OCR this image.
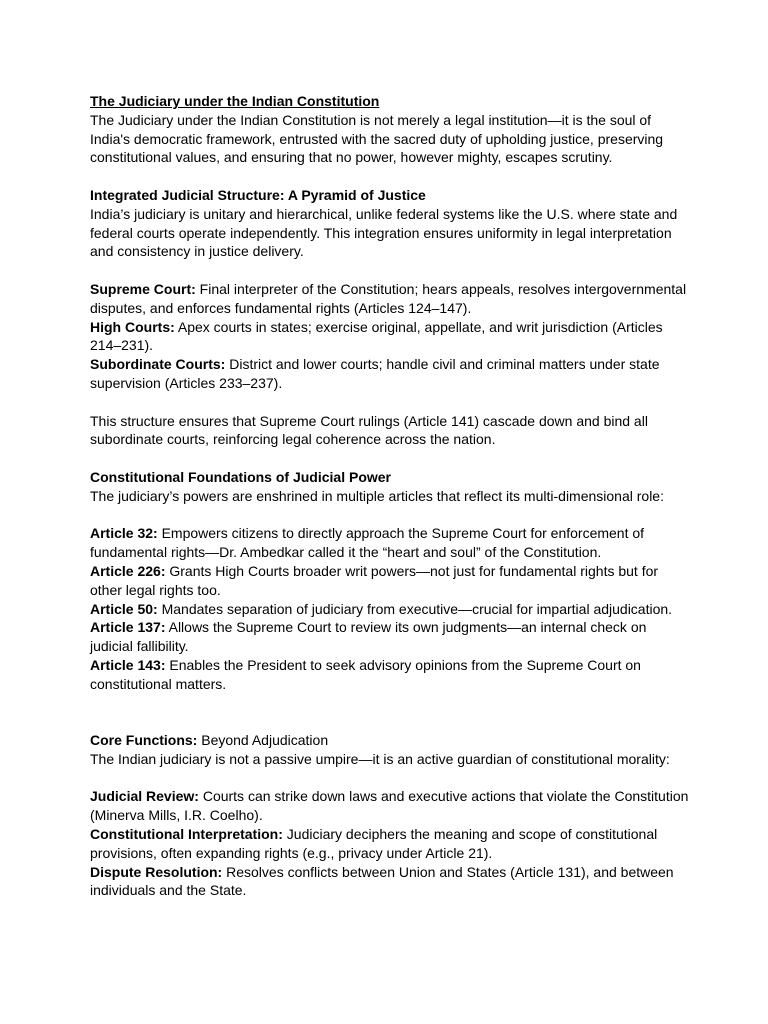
The Judiciary under the Indian Constitution

The Judiciary under the Indian Constitution is not merely a legal institution—it is the soul of India's democratic framework, entrusted with the sacred duty of upholding justice, preserving constitutional values, and ensuring that no power, however mighty, escapes scrutiny.

Integrated Judicial Structure: A Pyramid of Justice

India’s judiciary is unitary and hierarchical, unlike federal systems like the U.S. where state and federal courts operate independently. This integration ensures uniformity in legal interpretation and consistency in justice delivery.

Supreme Court: Final interpreter of the Constitution; hears appeals, resolves intergovernmental disputes, and enforces fundamental rights (Articles 124–147).

High Courts: Apex courts in states; exercise original, appellate, and writ jurisdiction (Articles 214–231).

Subordinate Courts: District and lower courts; handle civil and criminal matters under state supervision (Articles 233–237).

This structure ensures that Supreme Court rulings (Article 141) cascade down and bind all subordinate courts, reinforcing legal coherence across the nation.

Constitutional Foundations of Judicial Power

The judiciary’s powers are enshrined in multiple articles that reflect its multi-dimensional role:

Article 32: Empowers citizens to directly approach the Supreme Court for enforcement of fundamental rights—Dr. Ambedkar called it the “heart and soul” of the Constitution.

Article 226: Grants High Courts broader writ powers—not just for fundamental rights but for other legal rights too.

Article 50: Mandates separation of judiciary from executive—crucial for impartial adjudication.

Article 137: Allows the Supreme Court to review its own judgments—an internal check on judicial fallibility.

Article 143: Enables the President to seek advisory opinions from the Supreme Court on constitutional matters.

Core Functions: Beyond Adjudication

The Indian judiciary is not a passive umpire—it is an active guardian of constitutional morality:

Judicial Review: Courts can strike down laws and executive actions that violate the Constitution (Minerva Mills, I.R. Coelho).

Constitutional Interpretation: Judiciary deciphers the meaning and scope of constitutional provisions, often expanding rights (e.g., privacy under Article 21).

Dispute Resolution: Resolves conflicts between Union and States (Article 131), and between individuals and the State.
